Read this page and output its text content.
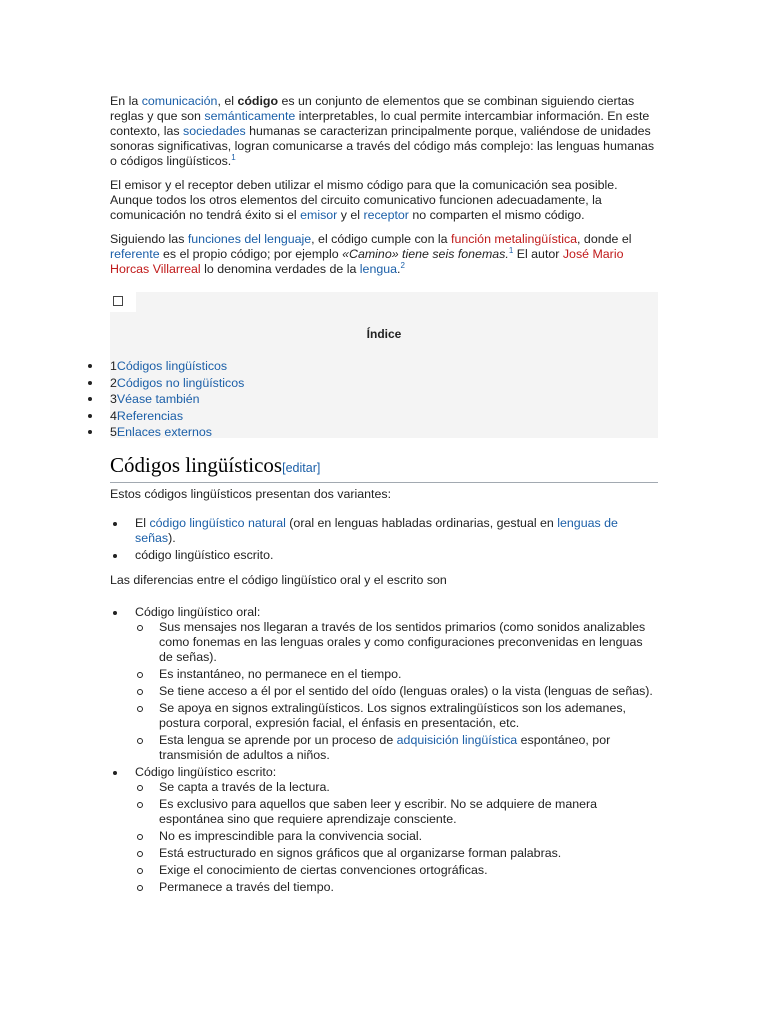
En la comunicación, el código es un conjunto de elementos que se combinan siguiendo ciertas reglas y que son semánticamente interpretables, lo cual permite intercambiar información. En este contexto, las sociedades humanas se caracterizan principalmente porque, valiéndose de unidades sonoras significativas, logran comunicarse a través del código más complejo: las lenguas humanas o códigos lingüísticos.$^1$

El emisor y el receptor deben utilizar el mismo código para que la comunicación sea posible. Aunque todos los otros elementos del circuito comunicativo funcionen adecuadamente, la comunicación no tendrá éxito si el emisor y el receptor no comparten el mismo código.

Siguiendo las funciones del lenguaje, el código cumple con la función metalingüística, donde el referente es el propio código; por ejemplo «Camino» tiene seis fonemas.$^1$ El autor José Mario Horcas Villarreal lo denomina verdades de la lengua.$^2$

Índice
1Códigos lingüísticos
2Códigos no lingüísticos
3Véase también
4Referencias
5Enlaces externos
Códigos lingüísticos[editar]

Estos códigos lingüísticos presentan dos variantes:

El código lingüístico natural (oral en lenguas habladas ordinarias, gestual en lenguas de señas).
código lingüístico escrito.

Las diferencias entre el código lingüístico oral y el escrito son

Código lingüístico oral:
Sus mensajes nos llegaran a través de los sentidos primarios (como sonidos analizables como fonemas en las lenguas orales y como configuraciones preconvenidas en lenguas de señas).
Es instantáneo, no permanece en el tiempo.
Se tiene acceso a él por el sentido del oído (lenguas orales) o la vista (lenguas de señas).
Se apoya en signos extralingüísticos. Los signos extralingüísticos son los ademanes, postura corporal, expresión facial, el énfasis en presentación, etc.
Esta lengua se aprende por un proceso de adquisición lingüística espontáneo, por transmisión de adultos a niños.
Código lingüístico escrito:
Se capta a través de la lectura.
Es exclusivo para aquellos que saben leer y escribir. No se adquiere de manera espontánea sino que requiere aprendizaje consciente.
No es imprescindible para la convivencia social.
Está estructurado en signos gráficos que al organizarse forman palabras.
Exige el conocimiento de ciertas convenciones ortográficas.
Permanece a través del tiempo.
